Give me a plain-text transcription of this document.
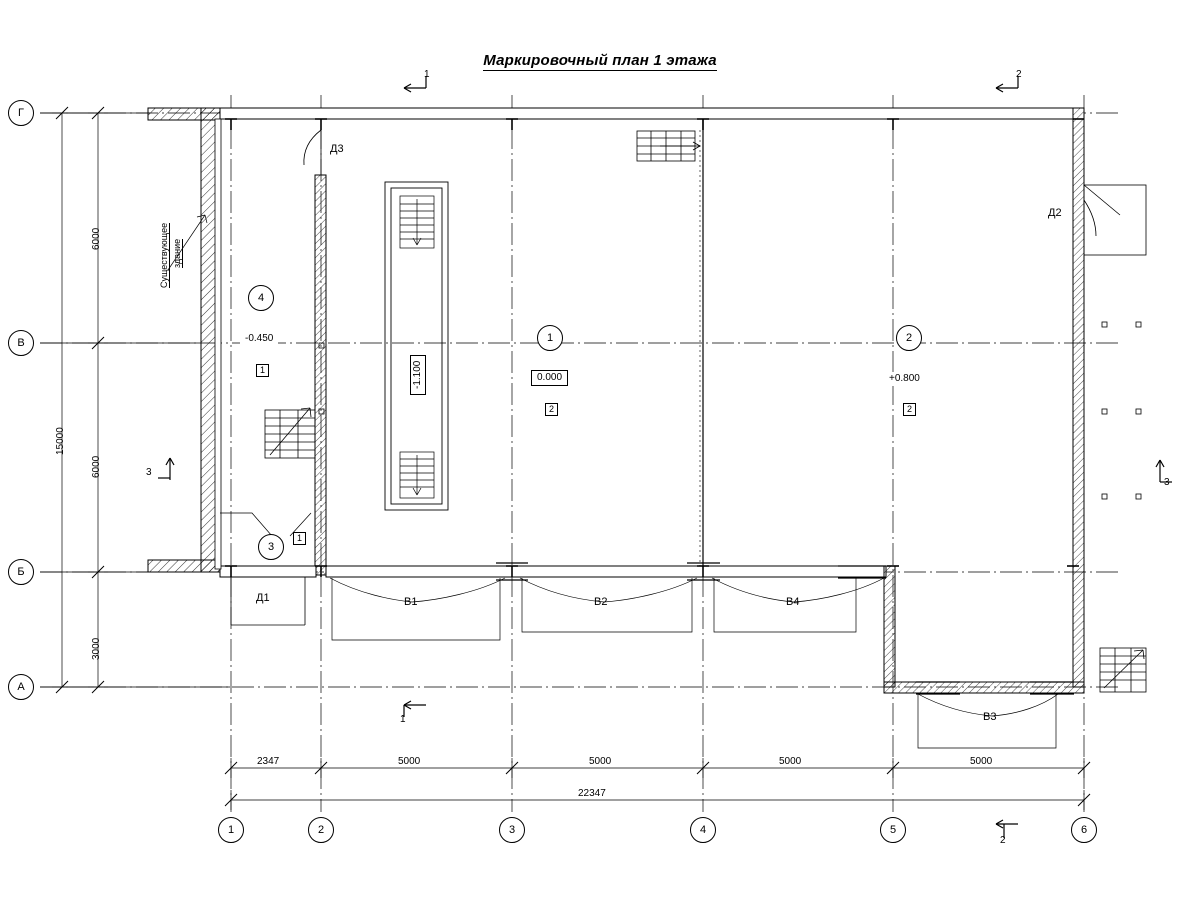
Маркировочный план 1 этажа
Г
В
Б
А
1	2	3	4	5	6
6000
6000
3000
15000
2347	5000	5000	5000	5000
22347
1	2
1
2
3
3
Существующее здание
4
-0.450
1
3
1
1
0.000
2
2
+0.800
2
-1.100
Д1
Д2
Д3
В1	В2
В3
В4
